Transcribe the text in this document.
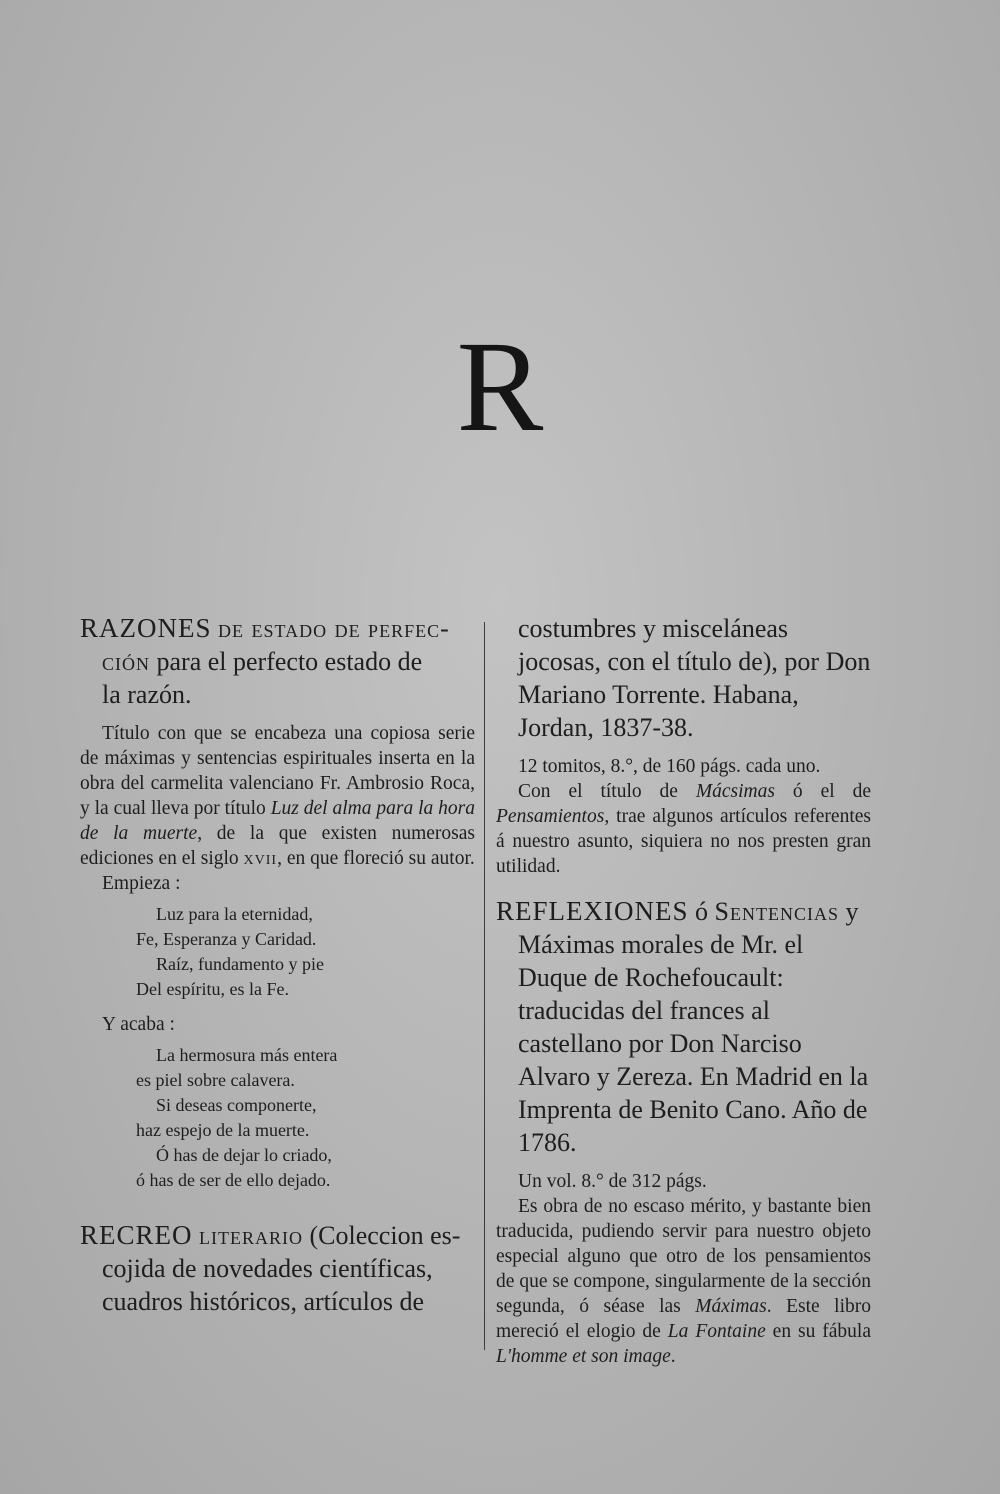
R

RAZONES de estado de perfec-
ción para el perfecto estado de
la razón.

Título con que se encabeza una copiosa serie de máximas y sentencias espirituales inserta en la obra del carmelita valenciano Fr. Ambrosio Roca, y la cual lleva por título Luz del alma para la hora de la muerte, de la que existen numerosas ediciones en el siglo xvii, en que floreció su autor.

Empieza :

Luz para la eternidad,
Fe, Esperanza y Caridad.
Raíz, fundamento y pie
Del espíritu, es la Fe.

Y acaba :

La hermosura más entera
es piel sobre calavera.
Si deseas componerte,
haz espejo de la muerte.
Ó has de dejar lo criado,
ó has de ser de ello dejado.

RECREO literario (Coleccion es-
cojida de novedades científicas,
cuadros históricos, artículos de

costumbres y misceláneas jocosas, con el título de), por Don Mariano Torrente. Habana, Jordan, 1837-38.

12 tomitos, 8.°, de 160 págs. cada uno.

Con el título de Mácsimas ó el de Pensamientos, trae algunos artículos referentes á nuestro asunto, siquiera no nos presten gran utilidad.

REFLEXIONES ó Sentencias y
Máximas morales de Mr. el Duque de Rochefoucault: traducidas del frances al castellano por Don Narciso Alvaro y Zereza. En Madrid en la Imprenta de Benito Cano. Año de 1786.

Un vol. 8.° de 312 págs.

Es obra de no escaso mérito, y bastante bien traducida, pudiendo servir para nuestro objeto especial alguno que otro de los pensamientos de que se compone, singularmente de la sección segunda, ó séase las Máximas. Este libro mereció el elogio de La Fontaine en su fábula L'homme et son image.
